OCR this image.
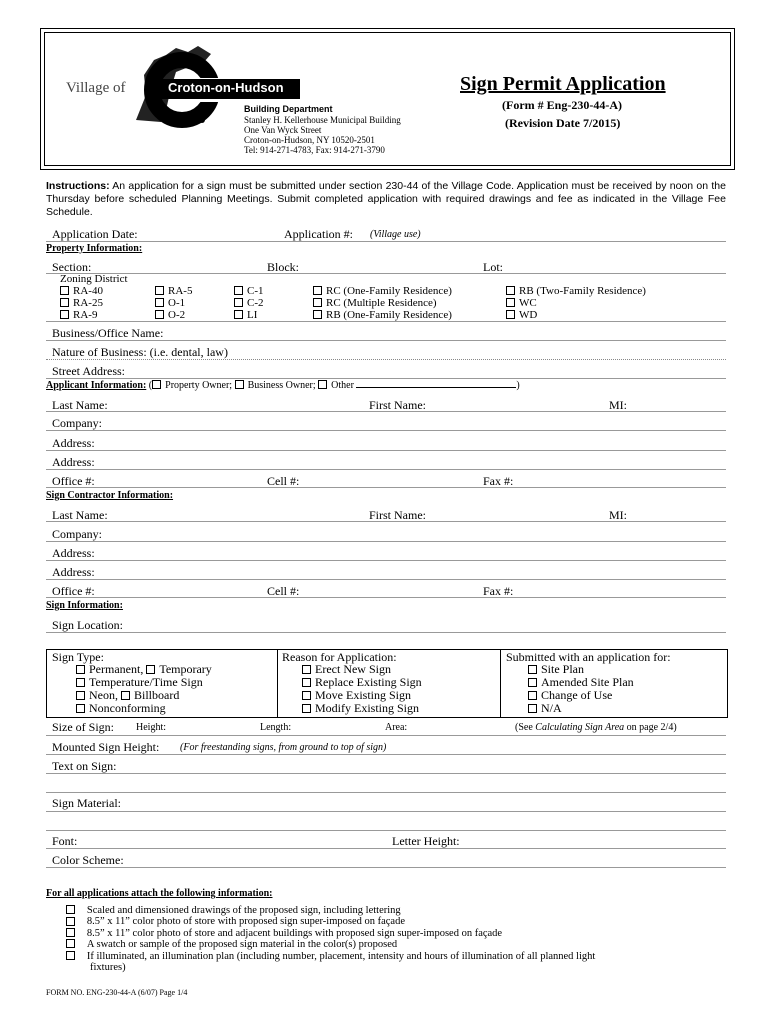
Village of	Croton-on-Hudson
Building Department
Stanley H. Kellerhouse Municipal Building
One Van Wyck Street
Croton-on-Hudson, NY 10520-2501
Tel: 914-271-4783, Fax: 914-271-3790
Sign Permit Application
(Form # Eng-230-44-A)
(Revision Date 7/2015)
Instructions: An application for a sign must be submitted under section 230-44 of the Village Code. Application must be received by noon on the Thursday before scheduled Planning Meetings. Submit completed application with required drawings and fee as indicated in the Village Fee Schedule.
Application Date:	Application #: (Village use)
Property Information:
Section:	Block:	Lot:
Zoning District
RA-40	RA-5	C-1	RC (One-Family Residence)	RB (Two-Family Residence)
RA-25	O-1	C-2	RC (Multiple Residence)	WC
RA-9	O-2	LI	RB (One-Family Residence)	WD
Business/Office Name:
Nature of Business: (i.e. dental, law)
Street Address:
Applicant Information: ( Property Owner; Business Owner; Other	)
Last Name:	First Name:	MI:
Company:
Address:
Address:
Office #:	Cell #:	Fax #:
Sign Contractor Information:
Last Name:	First Name:	MI:
Company:
Address:
Address:
Office #:	Cell #:	Fax #:
Sign Information:
Sign Location:
Sign Type:
Permanent, Temporary
Temperature/Time Sign
Neon, Billboard
Nonconforming
Reason for Application:
Erect New Sign
Replace Existing Sign
Move Existing Sign
Modify Existing Sign
Submitted with an application for:
Site Plan
Amended Site Plan
Change of Use
N/A
Size of Sign: Height:	Length:	Area:	(See Calculating Sign Area on page 2/4)
Mounted Sign Height: (For freestanding signs, from ground to top of sign)
Text on Sign:
Sign Material:
Font:	Letter Height:
Color Scheme:
For all applications attach the following information:
Scaled and dimensioned drawings of the proposed sign, including lettering
8.5” x 11” color photo of store with proposed sign super-imposed on façade
8.5” x 11” color photo of store and adjacent buildings with proposed sign super-imposed on façade
A swatch or sample of the proposed sign material in the color(s) proposed
If illuminated, an illumination plan (including number, placement, intensity and hours of illumination of all planned light
fixtures)
FORM NO. ENG-230-44-A (6/07) Page 1/4
